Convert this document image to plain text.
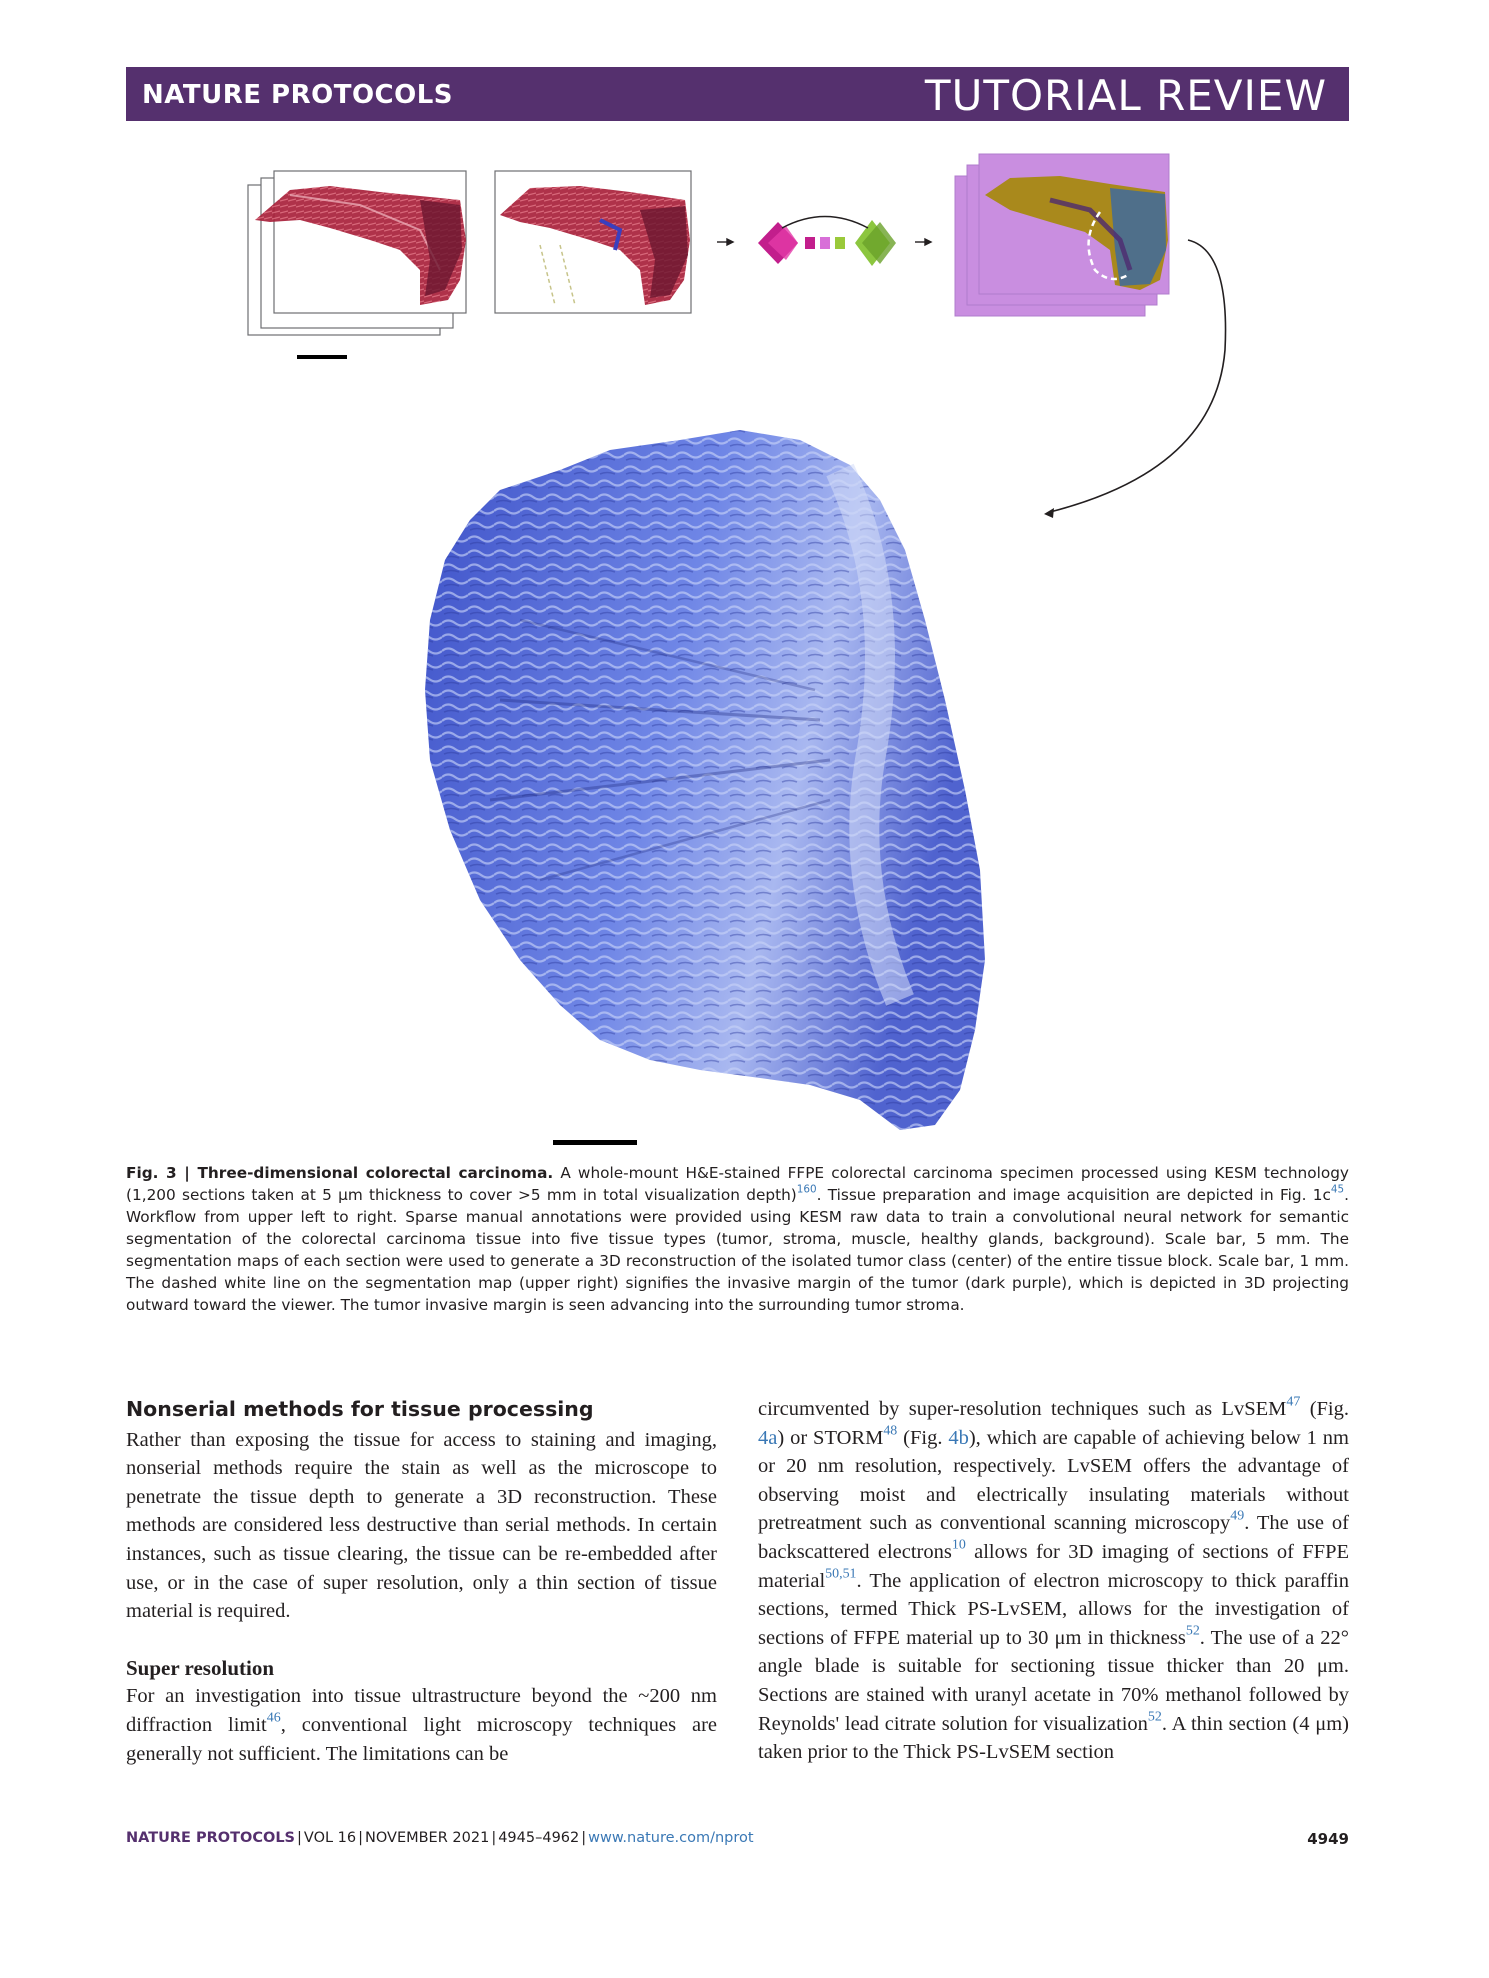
NATURE PROTOCOLS	TUTORIAL REVIEW
Fig. 3 | Three-dimensional colorectal carcinoma. A whole-mount H&E-stained FFPE colorectal carcinoma specimen processed using KESM technology (1,200 sections taken at 5 μm thickness to cover >5 mm in total visualization depth)$^{160}$. Tissue preparation and image acquisition are depicted in Fig. 1c$^{45}$. Workflow from upper left to right. Sparse manual annotations were provided using KESM raw data to train a convolutional neural network for semantic segmentation of the colorectal carcinoma tissue into five tissue types (tumor, stroma, muscle, healthy glands, background). Scale bar, 5 mm. The segmentation maps of each section were used to generate a 3D reconstruction of the isolated tumor class (center) of the entire tissue block. Scale bar, 1 mm. The dashed white line on the segmentation map (upper right) signifies the invasive margin of the tumor (dark purple), which is depicted in 3D projecting outward toward the viewer. The tumor invasive margin is seen advancing into the surrounding tumor stroma.
Nonserial methods for tissue processing

Rather than exposing the tissue for access to staining and imaging, nonserial methods require the stain as well as the microscope to penetrate the tissue depth to generate a 3D reconstruction. These methods are considered less destructive than serial methods. In certain instances, such as tissue clearing, the tissue can be re-embedded after use, or in the case of super resolution, only a thin section of tissue material is required.

Super resolution

For an investigation into tissue ultrastructure beyond the ~200 nm diffraction limit$^{46}$, conventional light microscopy techniques are generally not sufficient. The limitations can be

circumvented by super-resolution techniques such as LvSEM$^{47}$ (Fig. 4a) or STORM$^{48}$ (Fig. 4b), which are capable of achieving below 1 nm or 20 nm resolution, respectively. LvSEM offers the advantage of observing moist and electrically insulating materials without pretreatment such as conventional scanning microscopy$^{49}$. The use of backscattered electrons$^{10}$ allows for 3D imaging of sections of FFPE material$^{50,51}$. The application of electron microscopy to thick paraffin sections, termed Thick PS-LvSEM, allows for the investigation of sections of FFPE material up to 30 μm in thickness$^{52}$. The use of a 22° angle blade is suitable for sectioning tissue thicker than 20 μm. Sections are stained with uranyl acetate in 70% methanol followed by Reynolds' lead citrate solution for visualization$^{52}$. A thin section (4 μm) taken prior to the Thick PS-LvSEM section

NATURE PROTOCOLS | VOL 16 | NOVEMBER 2021 | 4945–4962 | www.nature.com/nprot	4949
